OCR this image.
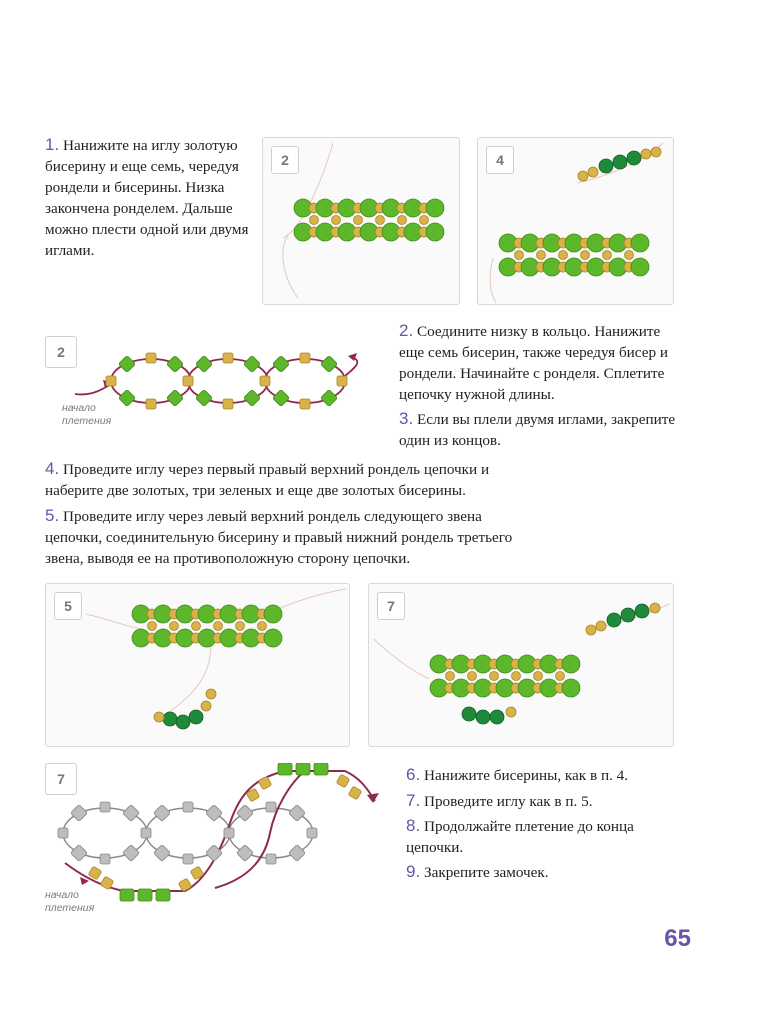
1. Нанижите на иглу золотую бисерину и еще семь, чередуя рондели и бисерины. Низка закончена ронделем. Дальше можно плести одной или двумя иглами.
2	4
2
начало
плетения
2. Соедините низку в кольцо. Нанижите еще семь бисерин, также чередуя бисер и рондели. Начинайте с ронделя. Сплетите цепочку нужной длины.
3. Если вы плели двумя иглами, закрепите один из концов.
4. Проведите иглу через первый правый верхний рондель цепочки и наберите две золотых, три зеленых и еще две золотых бисерины.
5. Проведите иглу через левый верхний рондель следующего звена цепочки, соединительную бисерину и правый нижний рондель третьего звена, выводя ее на противоположную сторону цепочки.
5	7
7
начало
плетения
6. Нанижите бисерины, как в п. 4.
7. Проведите иглу как в п. 5.
8. Продолжайте плетение до конца цепочки.
9. Закрепите замочек.
65
